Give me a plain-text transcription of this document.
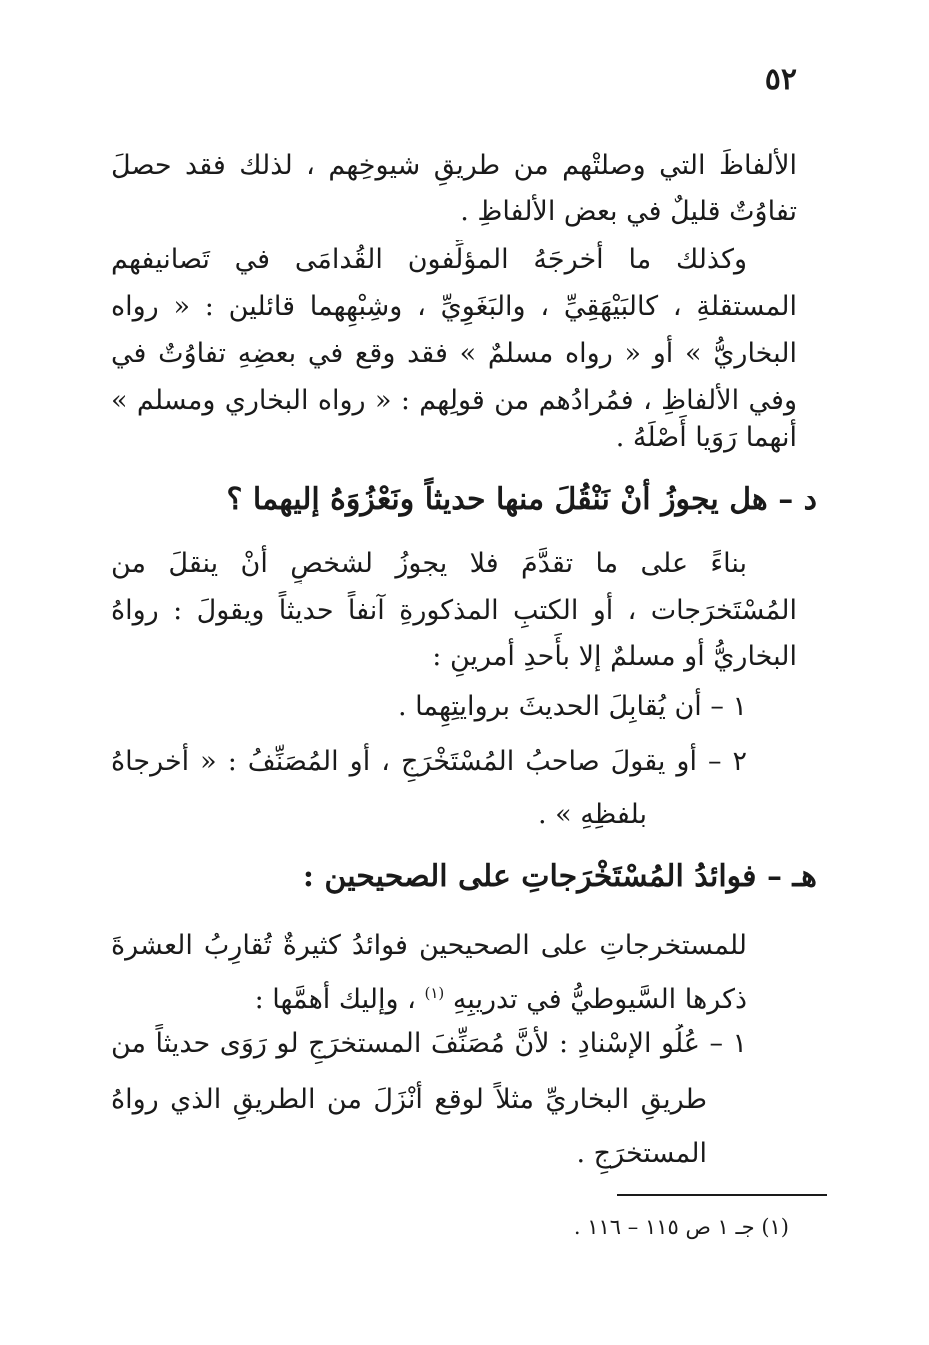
٥٢
الألفاظَ التي وصلتْهم من طريقِ شيوخِهم ، لذلك فقد حصلَ
تفاوُتٌ قليلٌ في بعض الألفاظِ .
وكذلك ما أخرجَهُ المؤلِّفون القُدامَى في تَصانيفهم
المستقلةِ ، كالبَيْهَقِيِّ ، والبَغَوِيِّ ، وشِبْهِهما قائلين : « رواه
البخاريُّ » أو « رواه مسلمٌ » فقد وقع في بعضِهِ تفاوُتٌ في
وفي الألفاظِ ، فمُرادُهم من قولِهم : « رواه البخاري ومسلم »
أنهما رَوَيا أَصْلَهُ .
د – هل يجوزُ أنْ نَنْقُلَ منها حديثاً ونَعْزُوَهُ إليهما ؟
بناءً على ما تقدَّمَ فلا يجوزُ لشخصٍ أنْ ينقلَ من
المُسْتَخرَجات ، أو الكتبِ المذكورةِ آنفاً حديثاً ويقولَ : رواهُ
البخاريُّ أو مسلمٌ إلا بأَحدِ أمرينِ :
١ – أن يُقابِلَ الحديثَ بروايتِهِما .
٢ – أو يقولَ صاحبُ المُسْتَخْرَجِ ، أو المُصَنِّفُ : « أخرجاهُ
بلفظِهِ » .
هـ – فوائدُ المُسْتَخْرَجاتِ على الصحيحين :
للمستخرجاتِ على الصحيحين فوائدُ كثيرةٌ تُقارِبُ العشرةَ
ذكرها السَّيوطيُّ في تدريبِهِ $^{(١)}$ ، وإليك أهمَّها :
١ – عُلُو الإسْنادِ : لأنَّ مُصَنِّفَ المستخرَجِ لو رَوَى حديثاً من
طريقِ البخاريِّ مثلاً لوقع أَنْزَلَ من الطريقِ الذي رواهُ
المستخرَجِ .
(١) جـ ١ ص ١١٥ – ١١٦ .
